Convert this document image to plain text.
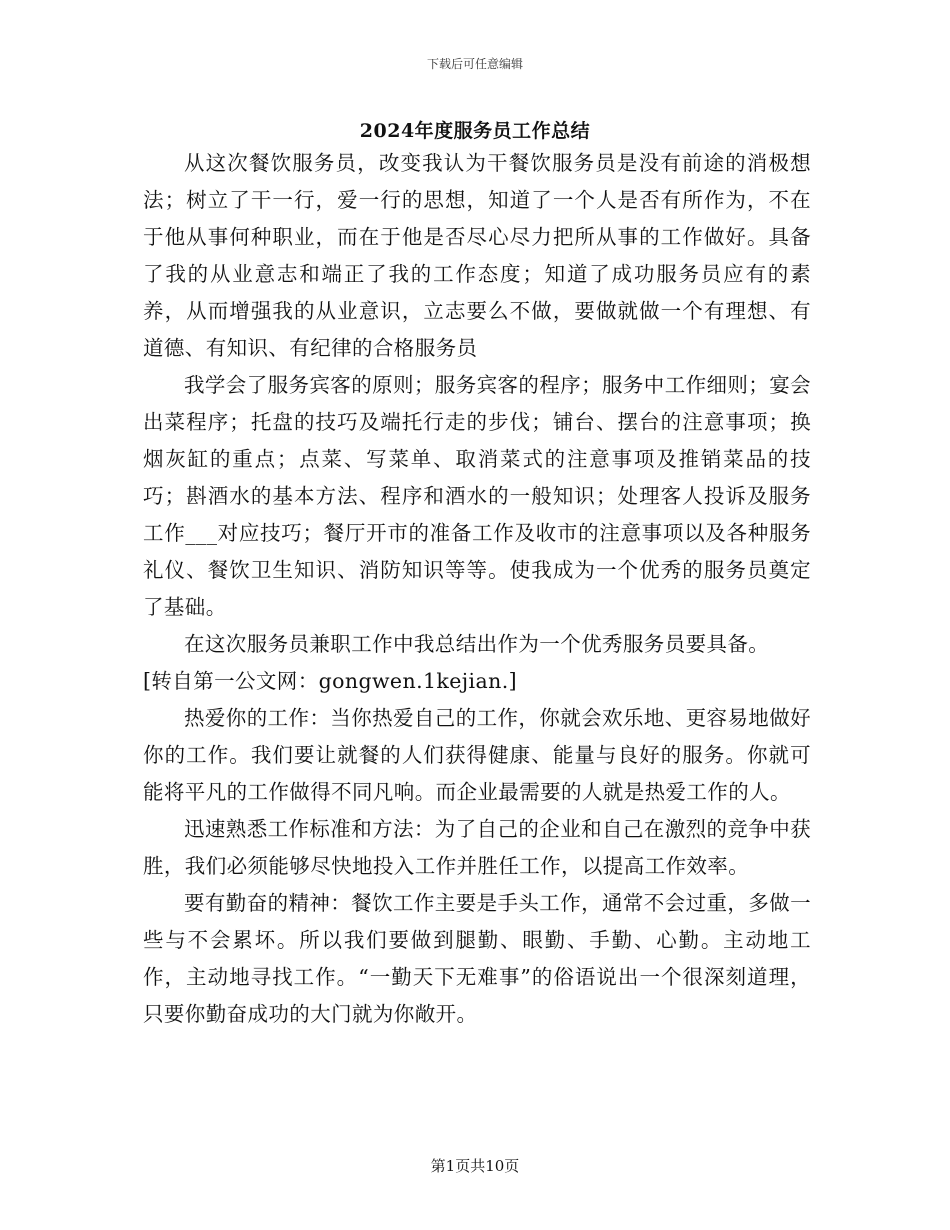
下载后可任意编辑
2024年度服务员工作总结

从这次餐饮服务员，改变我认为干餐饮服务员是没有前途的消极想法；树立了干一行，爱一行的思想，知道了一个人是否有所作为，不在于他从事何种职业，而在于他是否尽心尽力把所从事的工作做好。具备了我的从业意志和端正了我的工作态度；知道了成功服务员应有的素养，从而增强我的从业意识，立志要么不做，要做就做一个有理想、有道德、有知识、有纪律的合格服务员

我学会了服务宾客的原则；服务宾客的程序；服务中工作细则；宴会出菜程序；托盘的技巧及端托行走的步伐；铺台、摆台的注意事项；换烟灰缸的重点；点菜、写菜单、取消菜式的注意事项及推销菜品的技巧；斟酒水的基本方法、程序和酒水的一般知识；处理客人投诉及服务工作___对应技巧；餐厅开市的准备工作及收市的注意事项以及各种服务礼仪、餐饮卫生知识、消防知识等等。使我成为一个优秀的服务员奠定了基础。

在这次服务员兼职工作中我总结出作为一个优秀服务员要具备。

[转自第一公文网：gongwen.1kejian.]

热爱你的工作：当你热爱自己的工作，你就会欢乐地、更容易地做好你的工作。我们要让就餐的人们获得健康、能量与良好的服务。你就可能将平凡的工作做得不同凡响。而企业最需要的人就是热爱工作的人。

迅速熟悉工作标准和方法：为了自己的企业和自己在激烈的竞争中获胜，我们必须能够尽快地投入工作并胜任工作，以提高工作效率。

要有勤奋的精神：餐饮工作主要是手头工作，通常不会过重，多做一些与不会累坏。所以我们要做到腿勤、眼勤、手勤、心勤。主动地工作，主动地寻找工作。“一勤天下无难事”的俗语说出一个很深刻道理，只要你勤奋成功的大门就为你敞开。

第1页共10页
